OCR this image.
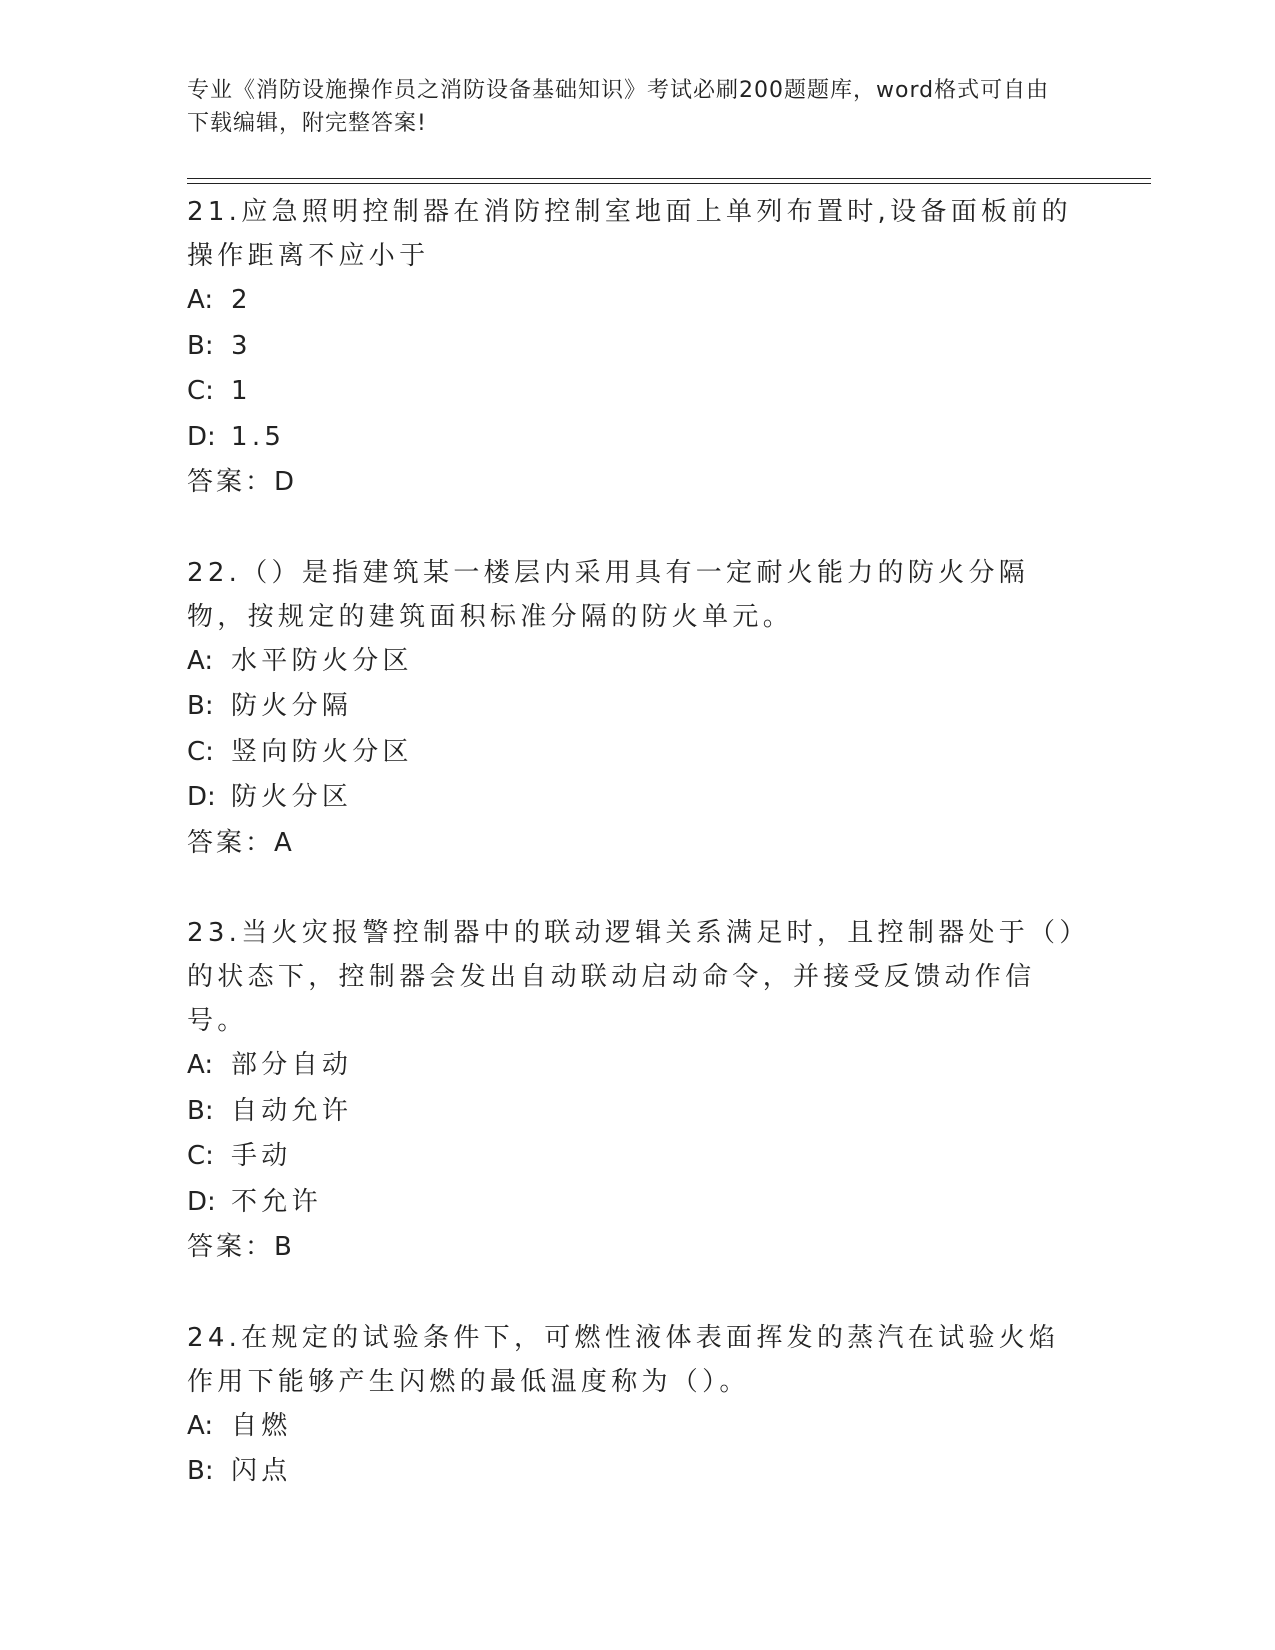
专业《消防设施操作员之消防设备基础知识》考试必刷200题题库，word格式可自由下载编辑，附完整答案!

21.应急照明控制器在消防控制室地面上单列布置时,设备面板前的操作距离不应小于

A: 2

B: 3

C: 1

D: 1.5

答案：D

22.（）是指建筑某一楼层内采用具有一定耐火能力的防火分隔物，按规定的建筑面积标准分隔的防火单元。

A: 水平防火分区

B: 防火分隔

C: 竖向防火分区

D: 防火分区

答案：A

23.当火灾报警控制器中的联动逻辑关系满足时，且控制器处于（）的状态下，控制器会发出自动联动启动命令，并接受反馈动作信号。

A: 部分自动

B: 自动允许

C: 手动

D: 不允许

答案：B

24.在规定的试验条件下，可燃性液体表面挥发的蒸汽在试验火焰作用下能够产生闪燃的最低温度称为（）。

A: 自燃

B: 闪点
